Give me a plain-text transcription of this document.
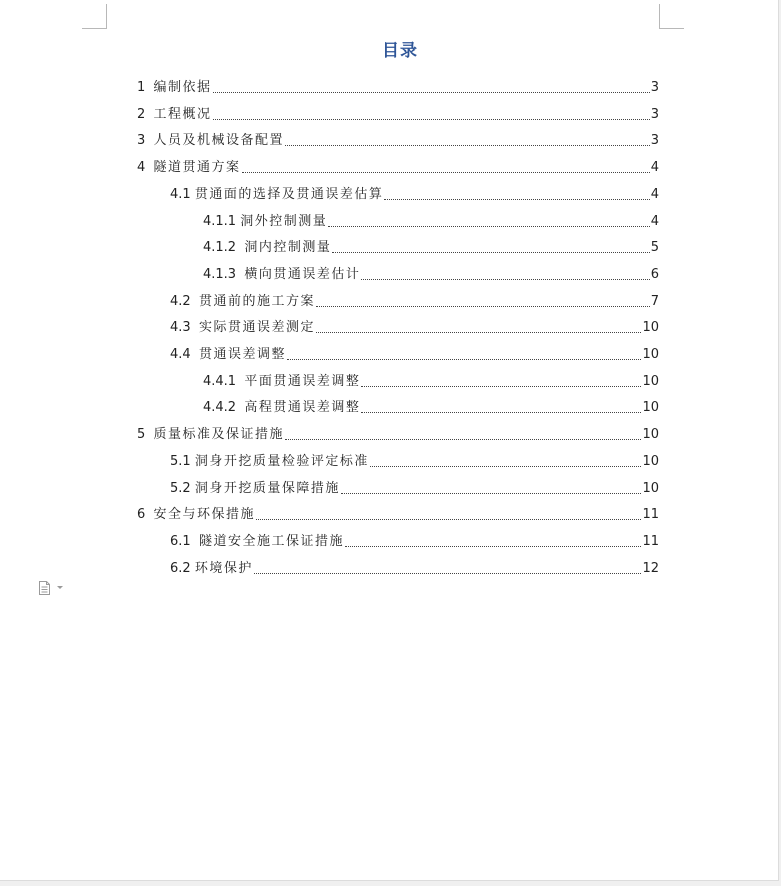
目录
1 编制依据	3
2 工程概况	3
3 人员及机械设备配置	3
4 隧道贯通方案	4
4.1 贯通面的选择及贯通误差估算	4
4.1.1 洞外控制测量	4
4.1.2 洞内控制测量	5
4.1.3 横向贯通误差估计	6
4.2 贯通前的施工方案	7
4.3 实际贯通误差测定	10
4.4 贯通误差调整	10
4.4.1 平面贯通误差调整	10
4.4.2 高程贯通误差调整	10
5 质量标准及保证措施	10
5.1 洞身开挖质量检验评定标准	10
5.2 洞身开挖质量保障措施	10
6 安全与环保措施	11
6.1 隧道安全施工保证措施	11
6.2 环境保护	12
